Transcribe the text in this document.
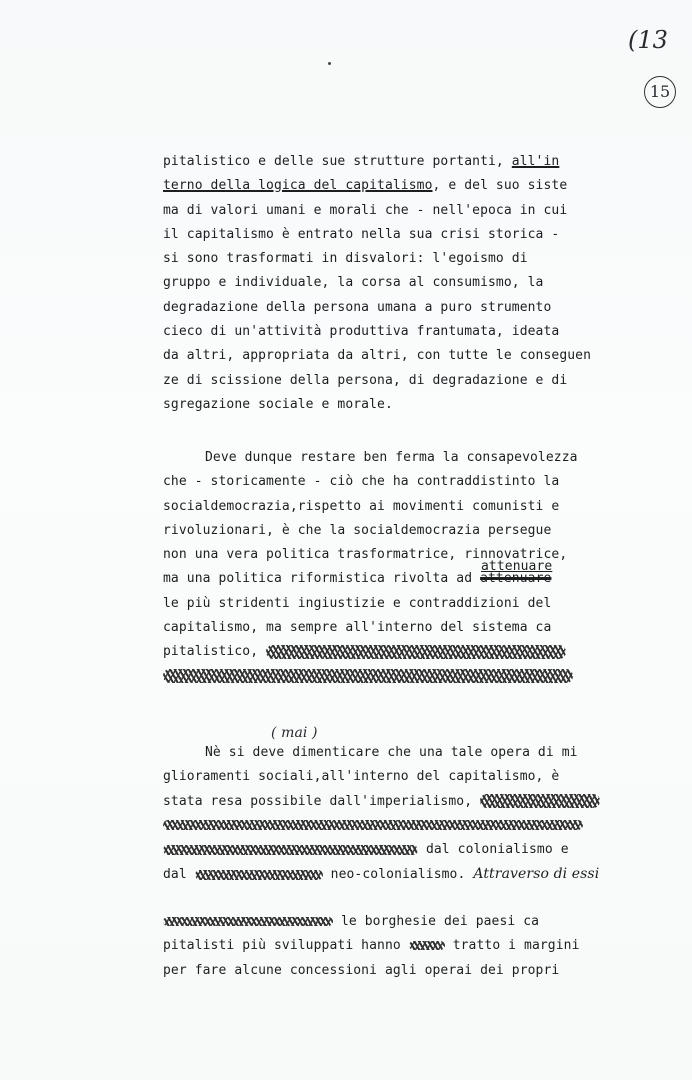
(13
15
pitalistico e delle sue strutture portanti, all'in
terno della logica del capitalismo, e del suo siste
ma di valori umani e morali che - nell'epoca in cui
il capitalismo è entrato nella sua crisi storica -
si sono trasformati in disvalori: l'egoismo di
gruppo e individuale, la corsa al consumismo, la
degradazione della persona umana a puro strumento
cieco di un'attività produttiva frantumata, ideata
da altri, appropriata da altri, con tutte le conseguen
ze di scissione della persona, di degradazione e di
sgregazione sociale e morale.
Deve dunque restare ben ferma la consapevolezza
che - storicamente - ciò che ha contraddistinto la
socialdemocrazia,rispetto ai movimenti comunisti e
rivoluzionari, è che la socialdemocrazia persegue
non una vera politica trasformatrice, rinnovatrice,
ma una politica riformistica rivolta ad attenuare
attenuare
le più stridenti ingiustizie e contraddizioni del
capitalismo, ma sempre all'interno del sistema ca
pitalistico,
( mai )
Nè si deve dimenticare che una tale opera di mi
glioramenti sociali,all'interno del capitalismo, è
stata resa possibile dall'imperialismo,
dal colonialismo e
dal	neo-colonialismo. Attraverso di essi
le borghesie dei paesi ca
pitalisti più sviluppati hanno	tratto i margini
per fare alcune concessioni agli operai dei propri
